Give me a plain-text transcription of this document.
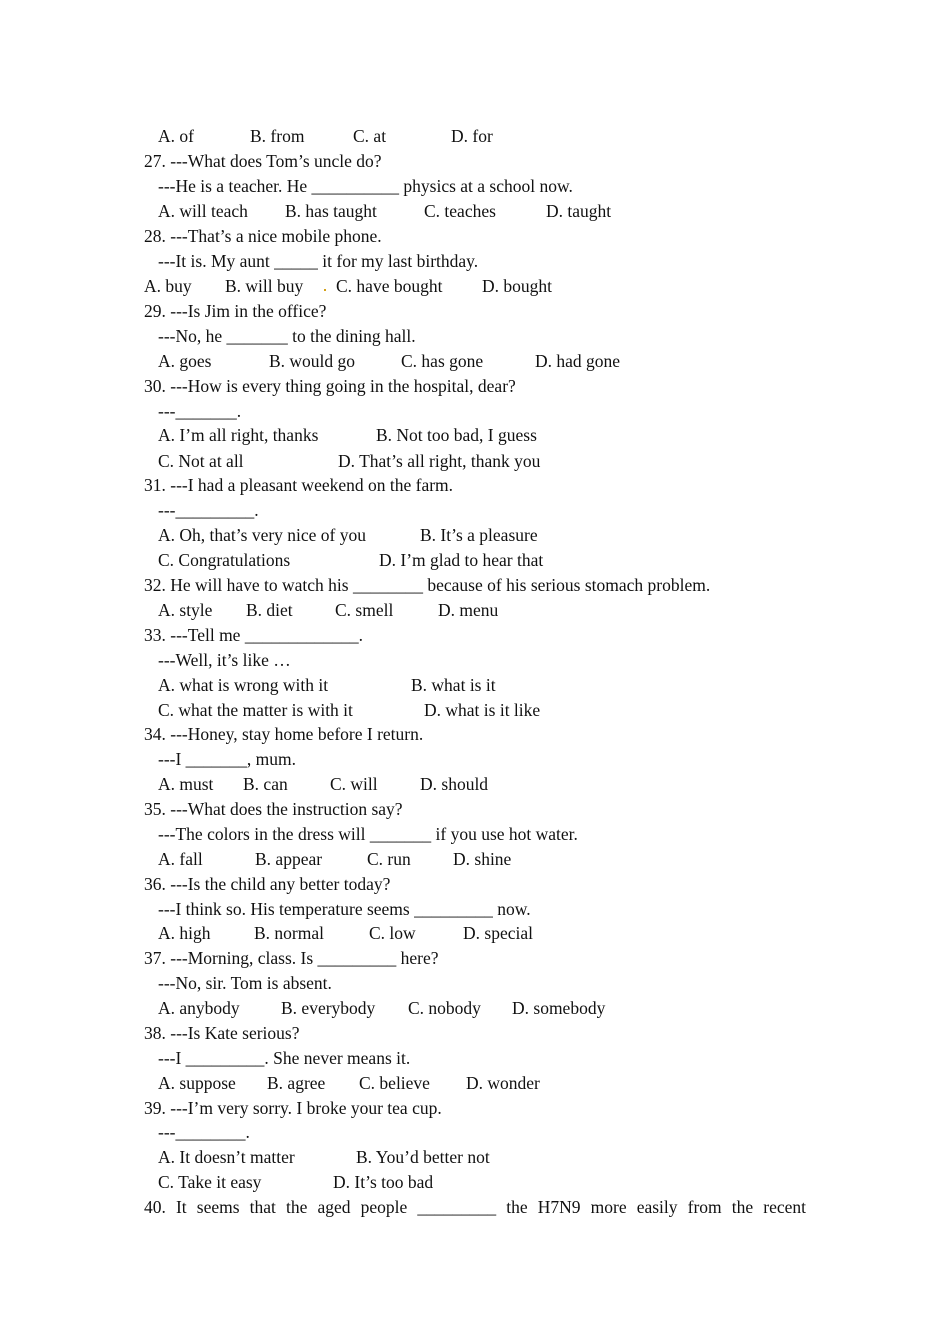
A. of	B. from	C. at	D. for
27. ---What does Tom’s uncle do?
---He is a teacher. He __________ physics at a school now.
A. will teach B. has taught	C. teaches	D. taught
28. ---That’s a nice mobile phone.
---It is. My aunt _____ it for my last birthday.
A. buy B. will buy C. have bought D. bought
29. ---Is Jim in the office?
---No, he _______ to the dining hall.
A. goes	B. would go	C. has gone	D. had gone
30. ---How is every thing going in the hospital, dear?
---_______.
A. I’m all right, thanks	B. Not too bad, I guess
C. Not at all	D. That’s all right, thank you
31. ---I had a pleasant weekend on the farm.
---_________.
A. Oh, that’s very nice of you	B. It’s a pleasure
C. Congratulations	D. I’m glad to hear that
32. He will have to watch his ________ because of his serious stomach problem.
A. style B. diet C. smell	D. menu
33. ---Tell me _____________.
---Well, it’s like …
A. what is wrong with it	B. what is it
C. what the matter is with it	D. what is it like
34. ---Honey, stay home before I return.
---I _______, mum.
A. must B. can C. will D. should
35. ---What does the instruction say?
---The colors in the dress will _______ if you use hot water.
A. fall	B. appear	C. run D. shine
36. ---Is the child any better today?
---I think so. His temperature seems _________ now.
A. high B. normal	C. low	D. special
37. ---Morning, class. Is _________ here?
---No, sir. Tom is absent.
A. anybody B. everybody C. nobody D. somebody
38. ---Is Kate serious?
---I _________. She never means it.
A. suppose B. agree C. believe D. wonder
39. ---I’m very sorry. I broke your tea cup.
---________.
A. It doesn’t matter	B. You’d better not
C. Take it easy	D. It’s too bad
40. It seems that the aged people _________ the H7N9 more easily from the recent
